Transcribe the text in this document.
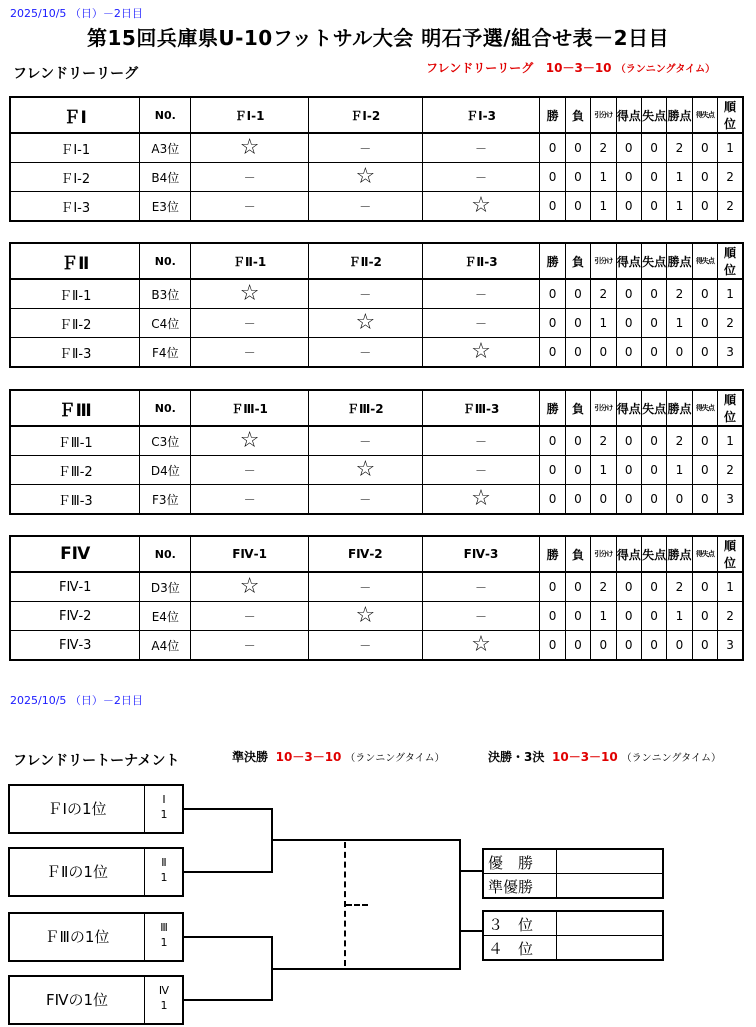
2025/10/5 （日）－2日目
第15回兵庫県U-10フットサル大会 明石予選/組合せ表－2日目
フレンドリーリーグ	フレンドリーリーグ 10－3－10 （ランニングタイム）
ＦⅠ	N0.	ＦⅠ-1	ＦⅠ-2	ＦⅠ-3	勝	負	引分け	得点	失点	勝点	得失点	順位
ＦⅠ-1	A3位	☆	－	－	0	0	2	0	0	2	0	1
ＦⅠ-2	B4位	－	☆	－	0	0	1	0	0	1	0	2
ＦⅠ-3	E3位	－	－	☆	0	0	1	0	0	1	0	2
ＦⅡ	N0.	ＦⅡ-1	ＦⅡ-2	ＦⅡ-3	勝	負	引分け	得点	失点	勝点	得失点	順位
ＦⅡ-1	B3位	☆	－	－	0	0	2	0	0	2	0	1
ＦⅡ-2	C4位	－	☆	－	0	0	1	0	0	1	0	2
ＦⅡ-3	F4位	－	－	☆	0	0	0	0	0	0	0	3
ＦⅢ	N0.	ＦⅢ-1	ＦⅢ-2	ＦⅢ-3	勝	負	引分け	得点	失点	勝点	得失点	順位
ＦⅢ-1	C3位	☆	－	－	0	0	2	0	0	2	0	1
ＦⅢ-2	D4位	－	☆	－	0	0	1	0	0	1	0	2
ＦⅢ-3	F3位	－	－	☆	0	0	0	0	0	0	0	3
FⅣ	N0.	FⅣ-1	FⅣ-2	FⅣ-3	勝	負	引分け	得点	失点	勝点	得失点	順位
FⅣ-1	D3位	☆	－	－	0	0	2	0	0	2	0	1
FⅣ-2	E4位	－	☆	－	0	0	1	0	0	1	0	2
FⅣ-3	A4位	－	－	☆	0	0	0	0	0	0	0	3
2025/10/5 （日）－2日目
フレンドリートーナメント	準決勝 10－3－10 （ランニングタイム）	決勝・3決 10－3－10 （ランニングタイム）
ＦⅠの1位
Ⅰ
1
ＦⅡの1位
Ⅱ
1
ＦⅢの1位
Ⅲ
1
FⅣの1位
Ⅳ
1
優　勝
準優勝
３　位
４　位
